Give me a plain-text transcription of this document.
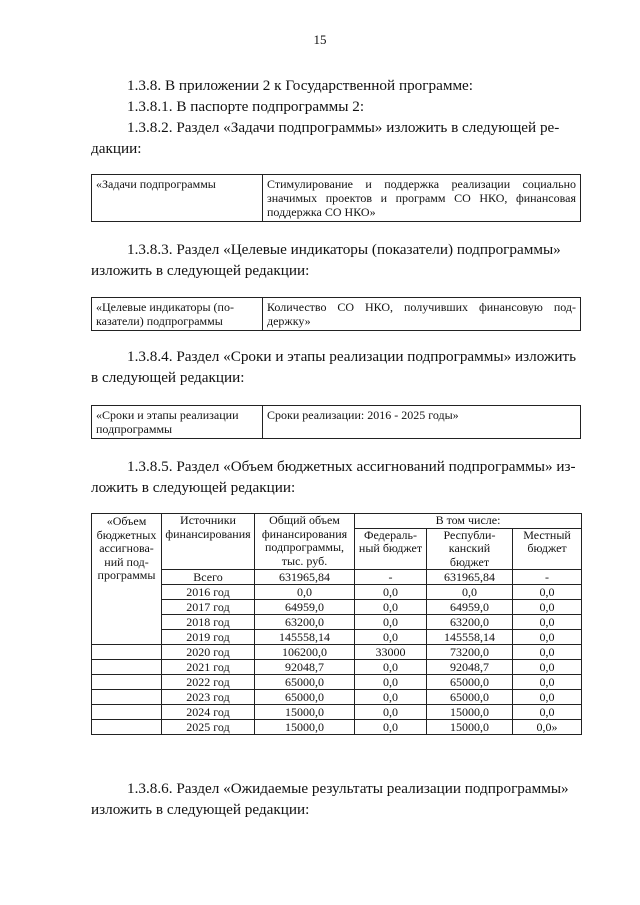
15
1.3.8. В приложении 2 к Государственной программе:
1.3.8.1. В паспорте подпрограммы 2:
1.3.8.2. Раздел «Задачи подпрограммы» изложить в следующей ре-
дакции:
«Задачи подпрограммы	Стимулирование и поддержка реализации социально значимых проектов и программ СО НКО, финансовая поддержка СО НКО»
1.3.8.3. Раздел «Целевые индикаторы (показатели) подпрограммы»
изложить в следующей редакции:
«Целевые индикаторы (по-казатели) подпрограммы	Количество СО НКО, получивших финансовую под-держку»
1.3.8.4. Раздел «Сроки и этапы реализации подпрограммы» изложить
в следующей редакции:
«Сроки и этапы реализации подпрограммы	Сроки реализации: 2016 - 2025 годы»
1.3.8.5. Раздел «Объем бюджетных ассигнований подпрограммы» из-
ложить в следующей редакции:
«Объем бюджетных ассигнова-ний под-программы	Источники финансирования	Общий объем финансирования подпрограммы, тыс. руб.	В том числе:		
			Федераль-ный бюджет	Республи-канский бюджет	Местный бюджет
	Всего	631965,84	-	631965,84	-
	2016 год	0,0	0,0	0,0	0,0
	2017 год	64959,0	0,0	64959,0	0,0
	2018 год	63200,0	0,0	63200,0	0,0
	2019 год	145558,14	0,0	145558,14	0,0
	2020 год	106200,0	33000	73200,0	0,0
	2021 год	92048,7	0,0	92048,7	0,0
	2022 год	65000,0	0,0	65000,0	0,0
	2023 год	65000,0	0,0	65000,0	0,0
	2024 год	15000,0	0,0	15000,0	0,0
	2025 год	15000,0	0,0	15000,0	0,0»
1.3.8.6. Раздел «Ожидаемые результаты реализации подпрограммы»
изложить в следующей редакции:
